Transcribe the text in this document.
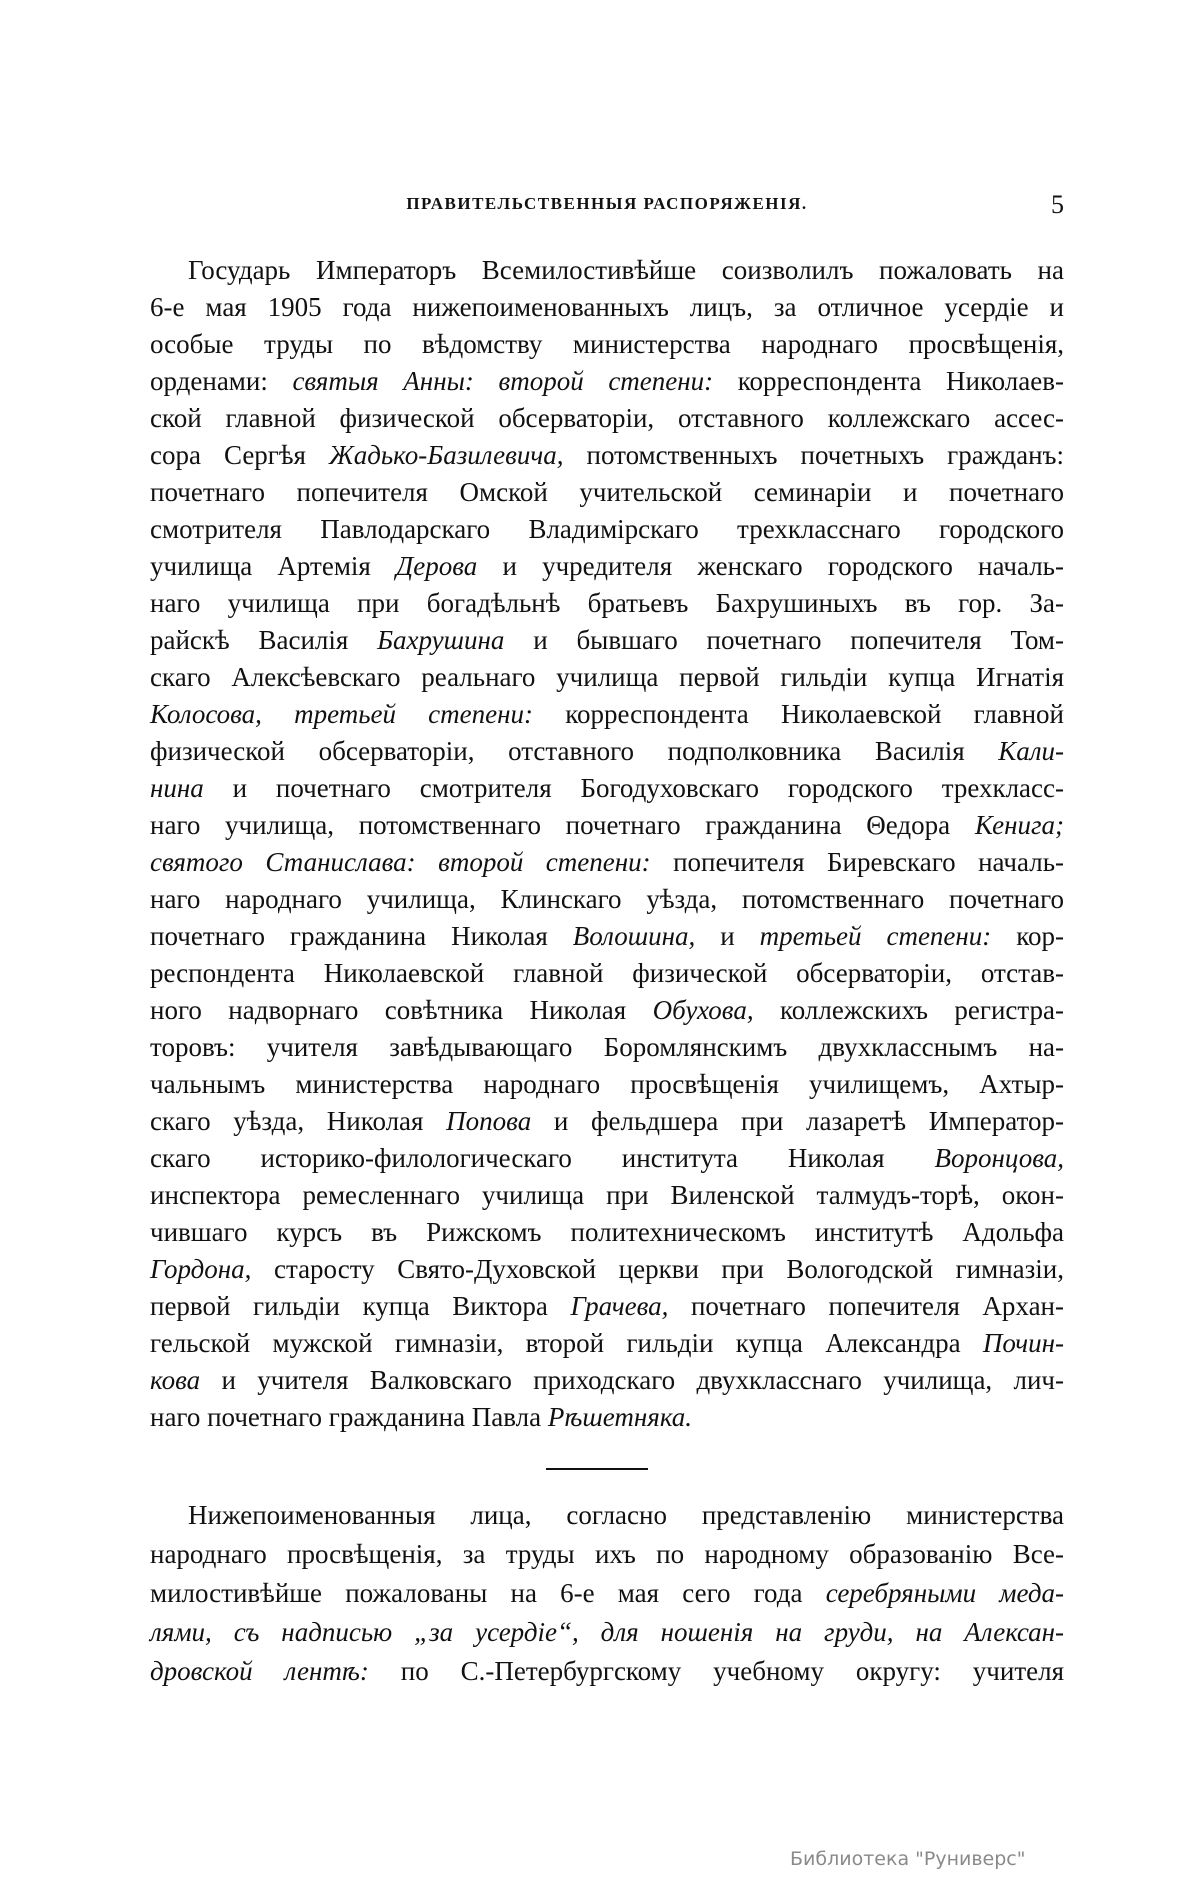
ПРАВИТЕЛЬСТВЕННЫЯ РАСПОРЯЖЕНІЯ.	5
Государь Императоръ Всемилостивѣйше соизволилъ пожаловать на
6-е мая 1905 года нижепоименованныхъ лицъ, за отличное усердіе и
особые труды по вѣдомству министерства народнаго просвѣщенія,
орденами: святыя Анны: второй степени: корреспондента Николаев-
ской главной физической обсерваторіи, отставного коллежскаго ассес-
сора Сергѣя Жадько-Базилевича, потомственныхъ почетныхъ гражданъ:
почетнаго попечителя Омской учительской семинаріи и почетнаго
смотрителя Павлодарскаго Владимірскаго трехкласснаго городского
училища Артемія Дерова и учредителя женскаго городского началь-
наго училища при богадѣльнѣ братьевъ Бахрушиныхъ въ гор. За-
райскѣ Василія Бахрушина и бывшаго почетнаго попечителя Том-
скаго Алексѣевскаго реальнаго училища первой гильдіи купца Игнатія
Колосова, третьей степени: корреспондента Николаевской главной
физической обсерваторіи, отставного подполковника Василія Кали-
нина и почетнаго смотрителя Богодуховскаго городского трехкласс-
наго училища, потомственнаго почетнаго гражданина Θедора Кенига;
святого Станислава: второй степени: попечителя Биревскаго началь-
наго народнаго училища, Клинскаго уѣзда, потомственнаго почетнаго
почетнаго гражданина Николая Волошина, и третьей степени: кор-
респондента Николаевской главной физической обсерваторіи, отстав-
ного надворнаго совѣтника Николая Обухова, коллежскихъ регистра-
торовъ: учителя завѣдывающаго Боромлянскимъ двухкласснымъ на-
чальнымъ министерства народнаго просвѣщенія училищемъ, Ахтыр-
скаго уѣзда, Николая Попова и фельдшера при лазаретѣ Император-
скаго историко-филологическаго института Николая Воронцова,
инспектора ремесленнаго училища при Виленской талмудъ-торѣ, окон-
чившаго курсъ въ Рижскомъ политехническомъ институтѣ Адольфа
Гордона, старосту Свято-Духовской церкви при Вологодской гимназіи,
первой гильдіи купца Виктора Грачева, почетнаго попечителя Архан-
гельской мужской гимназіи, второй гильдіи купца Александра Почин-
кова и учителя Валковскаго приходскаго двухкласснаго училища, лич-
наго почетнаго гражданина Павла Рѣшетняка.
Нижепоименованныя лица, согласно представленію министерства
народнаго просвѣщенія, за труды ихъ по народному образованію Все-
милостивѣйше пожалованы на 6-е мая сего года серебряными меда-
лями, съ надписью „за усердіе“, для ношенія на груди, на Алексан-
дровской лентѣ: по С.-Петербургскому учебному округу: учителя
Библиотека "Руниверс"
